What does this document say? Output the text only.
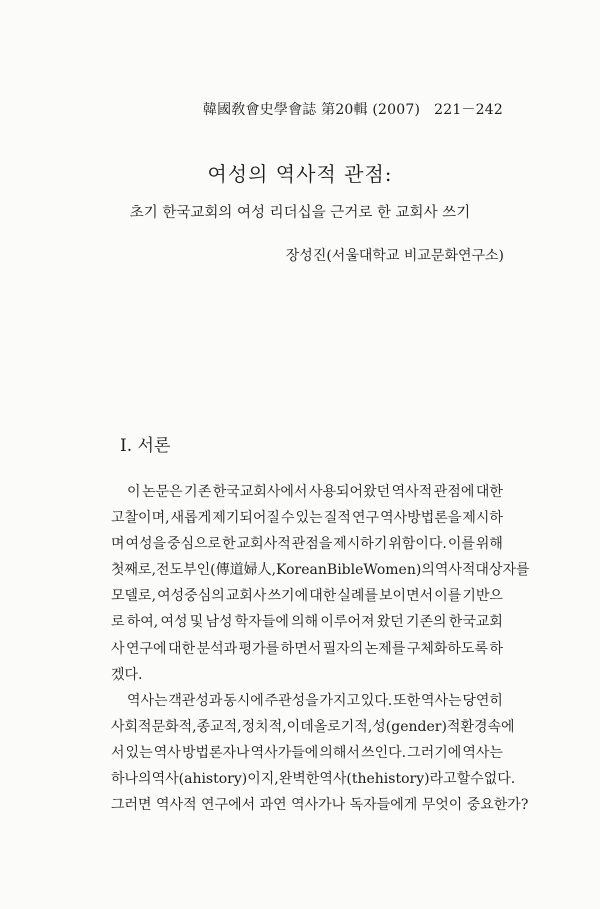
韓國敎會史學會誌 第20輯 (2007) 221－242
여성의 역사적 관점:
초기 한국교회의 여성 리더십을 근거로 한 교회사 쓰기
장성진(서울대학교 비교문화연구소)
I. 서론
이 논문은 기존 한국교회사에서 사용되어왔던 역사적 관점에 대한
고찰이며, 새롭게 제기되어질 수 있는 질적 연구 역사방법론을 제시하
며 여성을 중심으로 한 교회사적 관점을 제시하기 위함이다. 이를 위해
첫째로, 전도부인(傳道婦人, Korean Bible Women)의 역사적 대상자를
모델로, 여성중심의 교회사 쓰기에 대한 실례를 보이면서 이를 기반으
로 하여, 여성 및 남성 학자들에 의해 이루어져 왔던 기존의 한국교회
사 연구에 대한 분석과 평가를 하면서 필자의 논제를 구체화하도록 하
겠다.
역사는 객관성과 동시에 주관성을 가지고 있다. 또한 역사는 당연히
사회적 문화적, 종교적, 정치적, 이데올로기적, 성(gender)적 환경 속에
서 있는 역사 방법론자나 역사가들에 의해서 쓰인다. 그러기에 역사는
하나의 역사(a history)이지, 완벽한 역사(the history)라고 할 수 없다.
그러면 역사적 연구에서 과연 역사가나 독자들에게 무엇이 중요한가?
